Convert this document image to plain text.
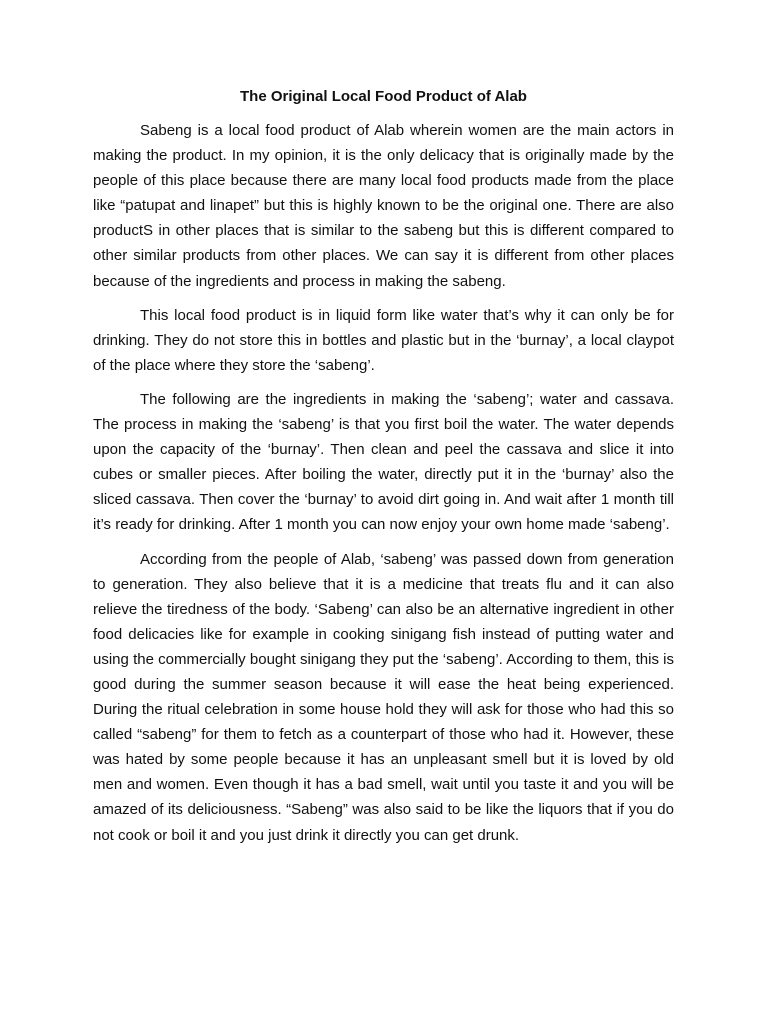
The Original Local Food Product of Alab

Sabeng is a local food product of Alab wherein women are the main actors in making the product. In my opinion, it is the only delicacy that is originally made by the people of this place because there are many local food products made from the place like “patupat and linapet” but this is highly known to be the original one. There are also productS in other places that is similar to the sabeng but this is different compared to other similar products from other places. We can say it is different from other places because of the ingredients and process in making the sabeng.

This local food product is in liquid form like water that’s why it can only be for drinking. They do not store this in bottles and plastic but in the ‘burnay’, a local claypot of the place where they store the ‘sabeng’.

The following are the ingredients in making the ‘sabeng’; water and cassava. The process in making the ‘sabeng’ is that you first boil the water. The water depends upon the capacity of the ‘burnay’. Then clean and peel the cassava and slice it into cubes or smaller pieces. After boiling the water, directly put it in the ‘burnay’ also the sliced cassava. Then cover the ‘burnay’ to avoid dirt going in. And wait after 1 month till it’s ready for drinking. After 1 month you can now enjoy your own home made ‘sabeng’.

According from the people of Alab, ‘sabeng’ was passed down from generation to generation. They also believe that it is a medicine that treats flu and it can also relieve the tiredness of the body. ‘Sabeng’ can also be an alternative ingredient in other food delicacies like for example in cooking sinigang fish instead of putting water and using the commercially bought sinigang they put the ‘sabeng’. According to them, this is good during the summer season because it will ease the heat being experienced. During the ritual celebration in some house hold they will ask for those who had this so called “sabeng” for them to fetch as a counterpart of those who had it. However, these was hated by some people because it has an unpleasant smell but it is loved by old men and women. Even though it has a bad smell, wait until you taste it and you will be amazed of its deliciousness. “Sabeng” was also said to be like the liquors that if you do not cook or boil it and you just drink it directly you can get drunk.
